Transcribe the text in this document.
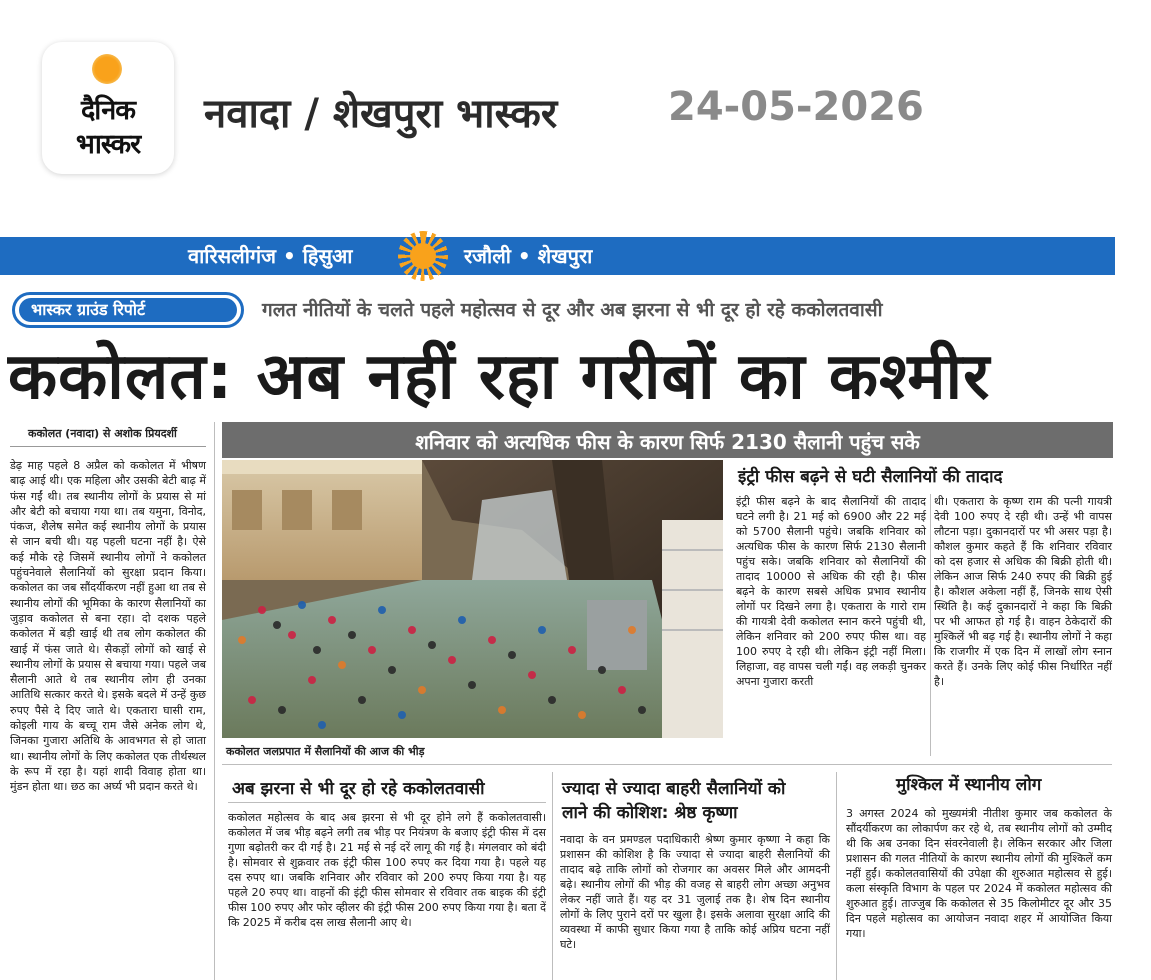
दैनिक
भास्कर
नवादा / शेखपुरा भास्कर	24-05-2026
वारिसलीगंज • हिसुआ	रजौली • शेखपुरा
भास्कर ग्राउंड रिपोर्ट	गलत नीतियों के चलते पहले महोत्सव से दूर और अब झरना से भी दूर हो रहे ककोलतवासी
ककोलत: अब नहीं रहा गरीबों का कश्मीर
ककोलत (नवादा) से अशोक प्रियदर्शी
डेढ़ माह पहले 8 अप्रैल को ककोलत में भीषण बाढ़ आई थी। एक महिला और उसकी बेटी बाढ़ में फंस गईं थी। तब स्थानीय लोगों के प्रयास से मां और बेटी को बचाया गया था। तब यमुना, विनोद, पंकज, शैलेष समेत कई स्थानीय लोगों के प्रयास से जान बची थी। यह पहली घटना नहीं है। ऐसे कई मौके रहे जिसमें स्थानीय लोगों ने ककोलत पहुंचनेवाले सैलानियों को सुरक्षा प्रदान किया। ककोलत का जब सौंदर्यीकरण नहीं हुआ था तब से स्थानीय लोगों की भूमिका के कारण सैलानियों का जुड़ाव ककोलत से बना रहा। दो दशक पहले ककोलत में बड़ी खाई थी तब लोग ककोलत की खाई में फंस जाते थे। सैकड़ों लोगों को खाई से स्थानीय लोगों के प्रयास से बचाया गया। पहले जब सैलानी आते थे तब स्थानीय लोग ही उनका आतिथि सत्कार करते थे। इसके बदले में उन्हें कुछ रुपए पैसे दे दिए जाते थे। एकतारा घासी राम, कोइली गाय के बच्चू राम जैसे अनेक लोग थे, जिनका गुजारा अतिथि के आवभगत से हो जाता था। स्थानीय लोगों के लिए ककोलत एक तीर्थस्थल के रूप में रहा है। यहां शादी विवाह होता था। मुंडन होता था। छठ का अर्घ्य भी प्रदान करते थे।
शनिवार को अत्यधिक फीस के कारण सिर्फ 2130 सैलानी पहुंच सके
ककोलत जलप्रपात में सैलानियों की आज की भीड़
इंट्री फीस बढ़ने से घटी सैलानियों की तादाद
इंट्री फीस बढ़ने के बाद सैलानियों की तादाद घटने लगी है। 21 मई को 6900 और 22 मई को 5700 सैलानी पहुंचे। जबकि शनिवार को अत्यधिक फीस के कारण सिर्फ 2130 सैलानी पहुंच सके। जबकि शनिवार को सैलानियों की तादाद 10000 से अधिक की रही है। फीस बढ़ने के कारण सबसे अधिक प्रभाव स्थानीय लोगों पर दिखने लगा है। एकतारा के गारो राम की गायत्री देवी ककोलत स्नान करने पहुंची थी, लेकिन शनिवार को 200 रुपए फीस था। वह 100 रुपए दे रही थी। लेकिन इंट्री नहीं मिला। लिहाजा, वह वापस चली गईं। वह लकड़ी चुनकर अपना गुजारा करती
थी। एकतारा के कृष्ण राम की पत्नी गायत्री देवी 100 रुपए दे रही थी। उन्हें भी वापस लौटना पड़ा। दुकानदारों पर भी असर पड़ा है। कौशल कुमार कहते हैं कि शनिवार रविवार को दस हजार से अधिक की बिक्री होती थी। लेकिन आज सिर्फ 240 रुपए की बिक्री हुई है। कौशल अकेला नहीं हैं, जिनके साथ ऐसी स्थिति है। कई दुकानदारों ने कहा कि बिक्री पर भी आफत हो गई है। वाहन ठेकेदारों की मुश्किलें भी बढ़ गई है। स्थानीय लोगों ने कहा कि राजगीर में एक दिन में लाखों लोग स्नान करते हैं। उनके लिए कोई फीस निर्धारित नहीं है।
अब झरना से भी दूर हो रहे ककोलतवासी
ककोलत महोत्सव के बाद अब झरना से भी दूर होने लगे हैं ककोलतवासी। ककोलत में जब भीड़ बढ़ने लगी तब भीड़ पर नियंत्रण के बजाए इंट्री फीस में दस गुणा बढ़ोतरी कर दी गई है। 21 मई से नई दरें लागू की गई है। मंगलवार को बंदी है। सोमवार से शुक्रवार तक इंट्री फीस 100 रुपए कर दिया गया है। पहले यह दस रुपए था। जबकि शनिवार और रविवार को 200 रुपए किया गया है। यह पहले 20 रुपए था। वाहनों की इंट्री फीस सोमवार से रविवार तक बाइक की इंट्री फीस 100 रुपए और फोर व्हीलर की इंट्री फीस 200 रुपए किया गया है। बता दें कि 2025 में करीब दस लाख सैलानी आए थे।
ज्यादा से ज्यादा बाहरी सैलानियों को
लाने की कोशिश: श्रेष्ठ कृष्णा
नवादा के वन प्रमण्डल पदाधिकारी श्रेष्ण कुमार कृष्णा ने कहा कि प्रशासन की कोशिश है कि ज्यादा से ज्यादा बाहरी सैलानियों की तादाद बढ़े ताकि लोगों को रोजगार का अवसर मिले और आमदनी बढ़े। स्थानीय लोगों की भीड़ की वजह से बाहरी लोग अच्छा अनुभव लेकर नहीं जाते हैं। यह दर 31 जुलाई तक है। शेष दिन स्थानीय लोगों के लिए पुराने दरों पर खुला है। इसके अलावा सुरक्षा आदि की व्यवस्था में काफी सुधार किया गया है ताकि कोई अप्रिय घटना नहीं घटे।
मुश्किल में स्थानीय लोग
3 अगस्त 2024 को मुख्यमंत्री नीतीश कुमार जब ककोलत के सौंदर्यीकरण का लोकार्पण कर रहे थे, तब स्थानीय लोगों को उम्मीद थी कि अब उनका दिन संवरनेवाली है। लेकिन सरकार और जिला प्रशासन की गलत नीतियों के कारण स्थानीय लोगों की मुश्किलें कम नहीं हुईं। ककोलतवासियों की उपेक्षा की शुरुआत महोत्सव से हुई। कला संस्कृति विभाग के पहल पर 2024 में ककोलत महोत्सव की शुरुआत हुई। ताज्जुब कि ककोलत से 35 किलोमीटर दूर और 35 दिन पहले महोत्सव का आयोजन नवादा शहर में आयोजित किया गया।
